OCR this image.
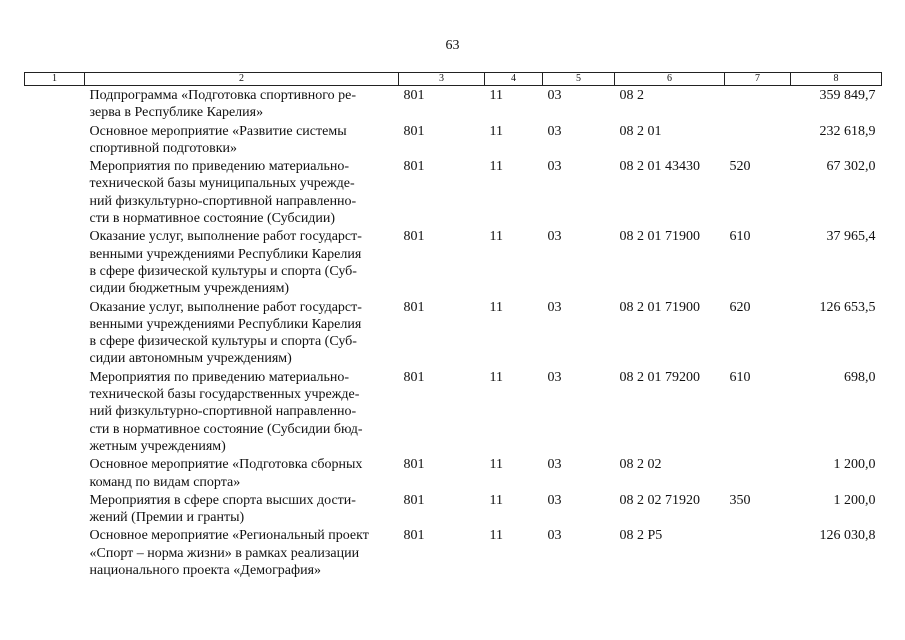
63
1	2	3	4	5	6	7	8
	Подпрограмма «Подготовка спортивного ре-
зерва в Республике Карелия»	801	11	03	08 2		359 849,7
	Основное мероприятие «Развитие системы
спортивной подготовки»	801	11	03	08 2 01		232 618,9
	Мероприятия по приведению материально-
технической базы муниципальных учрежде-
ний физкультурно-спортивной направленно-
сти в нормативное состояние (Субсидии)	801	11	03	08 2 01 43430	520	67 302,0
	Оказание услуг, выполнение работ государст-
венными учреждениями Республики Карелия
в сфере физической культуры и спорта (Суб-
сидии бюджетным учреждениям)	801	11	03	08 2 01 71900	610	37 965,4
	Оказание услуг, выполнение работ государст-
венными учреждениями Республики Карелия
в сфере физической культуры и спорта (Суб-
сидии автономным учреждениям)	801	11	03	08 2 01 71900	620	126 653,5
	Мероприятия по приведению материально-
технической базы государственных учрежде-
ний физкультурно-спортивной направленно-
сти в нормативное состояние (Субсидии бюд-
жетным учреждениям)	801	11	03	08 2 01 79200	610	698,0
	Основное мероприятие «Подготовка сборных
команд по видам спорта»	801	11	03	08 2 02		1 200,0
	Мероприятия в сфере спорта высших дости-
жений (Премии и гранты)	801	11	03	08 2 02 71920	350	1 200,0
	Основное мероприятие «Региональный проект
«Спорт – норма жизни» в рамках реализации
национального проекта «Демография»	801	11	03	08 2 P5		126 030,8
